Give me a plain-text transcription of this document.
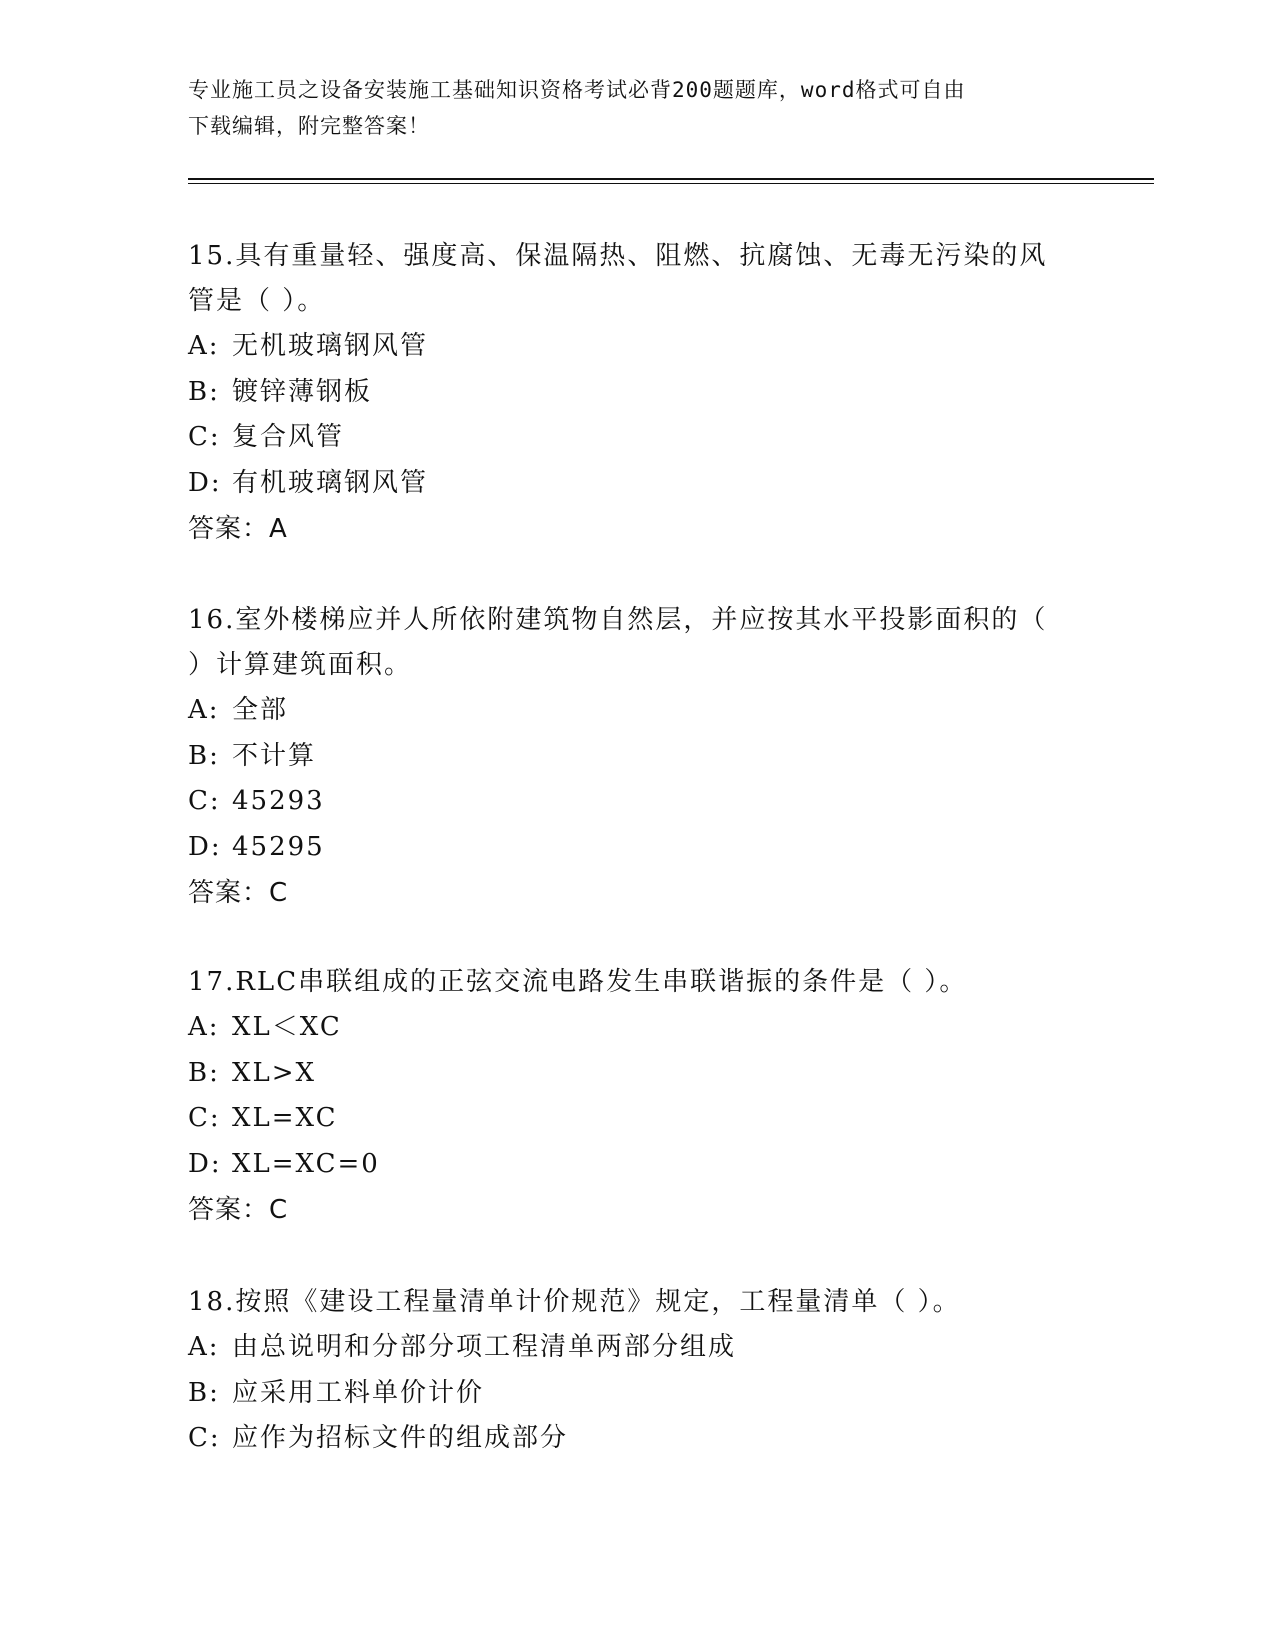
专业施工员之设备安装施工基础知识资格考试必背200题题库，word格式可自由
下载编辑，附完整答案！

15.具有重量轻、强度高、保温隔热、阻燃、抗腐蚀、无毒无污染的风

管是（ ）。

A: 无机玻璃钢风管
B: 镀锌薄钢板
C: 复合风管
D: 有机玻璃钢风管

答案：A

16.室外楼梯应并人所依附建筑物自然层，并应按其水平投影面积的（

）计算建筑面积。

A: 全部
B: 不计算
C: 45293
D: 45295

答案：C

17.RLC串联组成的正弦交流电路发生串联谐振的条件是（ ）。

A: XL＜XC
B: XL>X
C: XL=XC
D: XL=XC=0

答案：C

18.按照《建设工程量清单计价规范》规定，工程量清单（ ）。

A: 由总说明和分部分项工程清单两部分组成
B: 应采用工料单价计价
C: 应作为招标文件的组成部分
